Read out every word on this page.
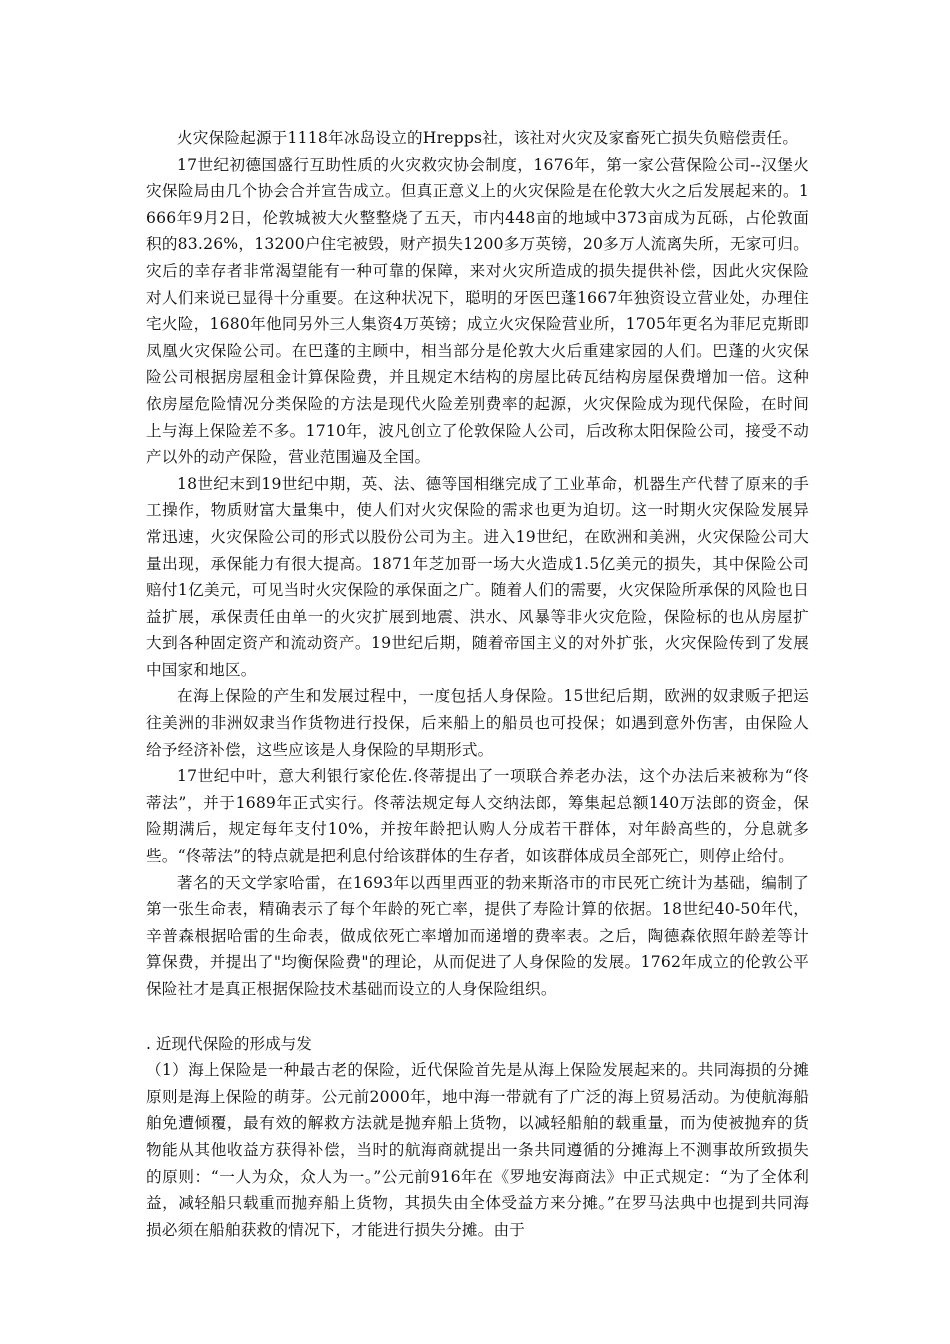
火灾保险起源于1118年冰岛设立的Hrepps社，该社对火灾及家畜死亡损失负赔偿责任。

17世纪初德国盛行互助性质的火灾救灾协会制度，1676年，第一家公营保险公司--汉堡火灾保险局由几个协会合并宣告成立。但真正意义上的火灾保险是在伦敦大火之后发展起来的。1666年9月2日，伦敦城被大火整整烧了五天，市内448亩的地域中373亩成为瓦砾，占伦敦面积的83.26%，13200户住宅被毁，财产损失1200多万英镑，20多万人流离失所，无家可归。灾后的幸存者非常渴望能有一种可靠的保障，来对火灾所造成的损失提供补偿，因此火灾保险对人们来说已显得十分重要。在这种状况下，聪明的牙医巴蓬1667年独资设立营业处，办理住宅火险，1680年他同另外三人集资4万英镑；成立火灾保险营业所，1705年更名为菲尼克斯即凤凰火灾保险公司。在巴蓬的主顾中，相当部分是伦敦大火后重建家园的人们。巴蓬的火灾保险公司根据房屋租金计算保险费，并且规定木结构的房屋比砖瓦结构房屋保费增加一倍。这种依房屋危险情况分类保险的方法是现代火险差别费率的起源，火灾保险成为现代保险，在时间上与海上保险差不多。1710年，波凡创立了伦敦保险人公司，后改称太阳保险公司，接受不动产以外的动产保险，营业范围遍及全国。

18世纪末到19世纪中期，英、法、德等国相继完成了工业革命，机器生产代替了原来的手工操作，物质财富大量集中，使人们对火灾保险的需求也更为迫切。这一时期火灾保险发展异常迅速，火灾保险公司的形式以股份公司为主。进入19世纪，在欧洲和美洲，火灾保险公司大量出现，承保能力有很大提高。1871年芝加哥一场大火造成1.5亿美元的损失，其中保险公司赔付1亿美元，可见当时火灾保险的承保面之广。随着人们的需要，火灾保险所承保的风险也日益扩展，承保责任由单一的火灾扩展到地震、洪水、风暴等非火灾危险，保险标的也从房屋扩大到各种固定资产和流动资产。19世纪后期，随着帝国主义的对外扩张，火灾保险传到了发展中国家和地区。

在海上保险的产生和发展过程中，一度包括人身保险。15世纪后期，欧洲的奴隶贩子把运往美洲的非洲奴隶当作货物进行投保，后来船上的船员也可投保；如遇到意外伤害，由保险人给予经济补偿，这些应该是人身保险的早期形式。

17世纪中叶，意大利银行家伦佐.佟蒂提出了一项联合养老办法，这个办法后来被称为“佟蒂法”，并于1689年正式实行。佟蒂法规定每人交纳法郎，筹集起总额140万法郎的资金，保险期满后，规定每年支付10%，并按年龄把认购人分成若干群体，对年龄高些的，分息就多些。“佟蒂法”的特点就是把利息付给该群体的生存者，如该群体成员全部死亡，则停止给付。

著名的天文学家哈雷，在1693年以西里西亚的勃来斯洛市的市民死亡统计为基础，编制了第一张生命表，精确表示了每个年龄的死亡率，提供了寿险计算的依据。18世纪40-50年代，辛普森根据哈雷的生命表，做成依死亡率增加而递增的费率表。之后，陶德森依照年龄差等计算保费，并提出了"均衡保险费"的理论，从而促进了人身保险的发展。1762年成立的伦敦公平保险社才是真正根据保险技术基础而设立的人身保险组织。

. 近现代保险的形成与发

（1）海上保险是一种最古老的保险，近代保险首先是从海上保险发展起来的。共同海损的分摊原则是海上保险的萌芽。公元前2000年，地中海一带就有了广泛的海上贸易活动。为使航海船舶免遭倾覆，最有效的解救方法就是抛弃船上货物，以减轻船舶的载重量，而为使被抛弃的货物能从其他收益方获得补偿，当时的航海商就提出一条共同遵循的分摊海上不测事故所致损失的原则：“一人为众，众人为一。”公元前916年在《罗地安海商法》中正式规定：“为了全体利益，减轻船只载重而抛弃船上货物，其损失由全体受益方来分摊。”在罗马法典中也提到共同海损必须在船舶获救的情况下，才能进行损失分摊。由于
